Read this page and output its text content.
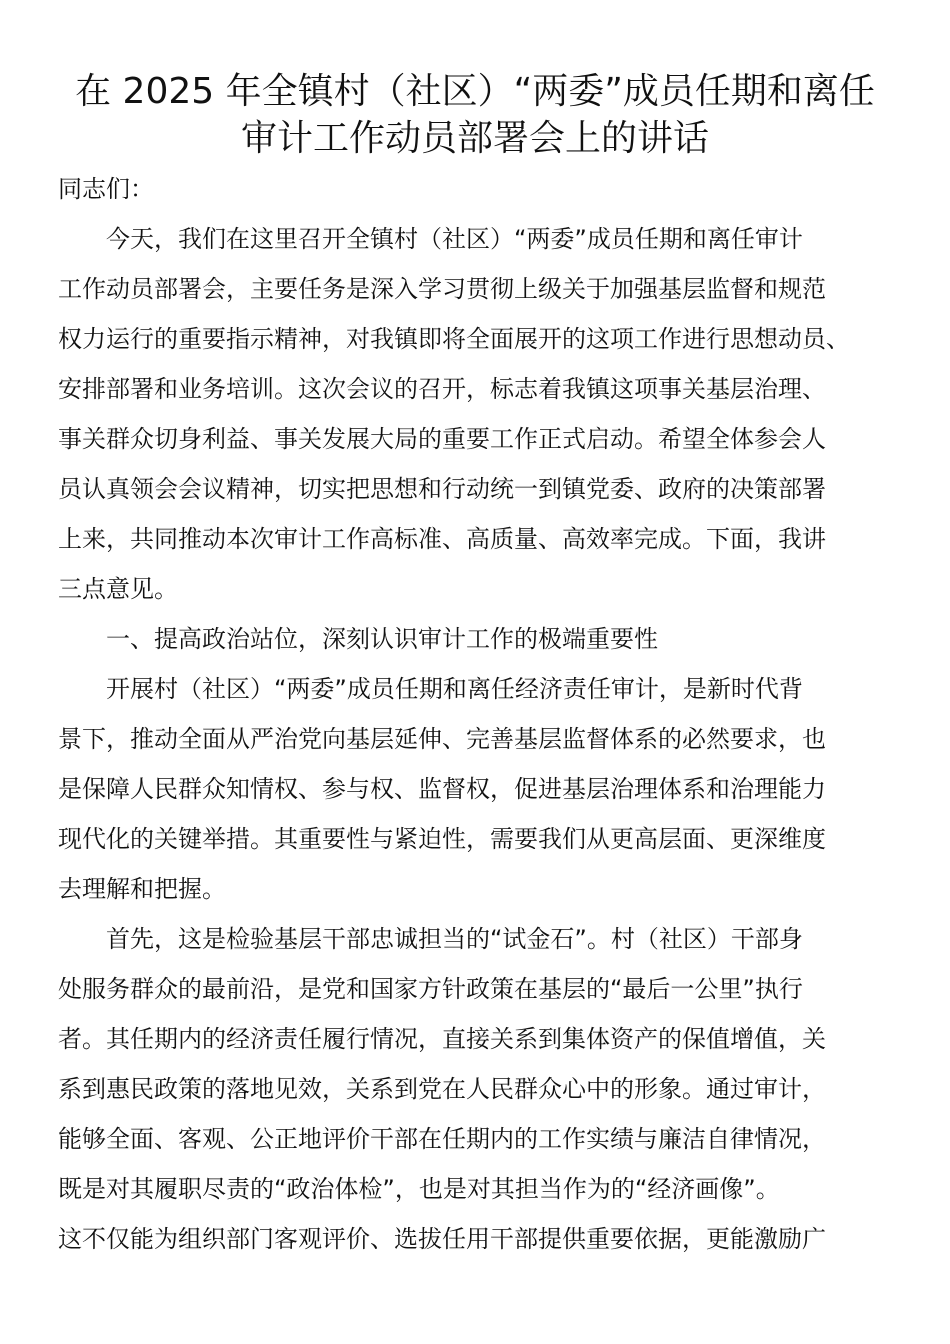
在 2025 年全镇村（社区）“两委”成员任期和离任
审计工作动员部署会上的讲话

同志们：

今天，我们在这里召开全镇村（社区）“两委”成员任期和离任审计

工作动员部署会，主要任务是深入学习贯彻上级关于加强基层监督和规范

权力运行的重要指示精神，对我镇即将全面展开的这项工作进行思想动员、

安排部署和业务培训。这次会议的召开，标志着我镇这项事关基层治理、

事关群众切身利益、事关发展大局的重要工作正式启动。希望全体参会人

员认真领会会议精神，切实把思想和行动统一到镇党委、政府的决策部署

上来，共同推动本次审计工作高标准、高质量、高效率完成。下面，我讲

三点意见。

一、提高政治站位，深刻认识审计工作的极端重要性

开展村（社区）“两委”成员任期和离任经济责任审计，是新时代背

景下，推动全面从严治党向基层延伸、完善基层监督体系的必然要求，也

是保障人民群众知情权、参与权、监督权，促进基层治理体系和治理能力

现代化的关键举措。其重要性与紧迫性，需要我们从更高层面、更深维度

去理解和把握。

首先，这是检验基层干部忠诚担当的“试金石”。村（社区）干部身

处服务群众的最前沿，是党和国家方针政策在基层的“最后一公里”执行

者。其任期内的经济责任履行情况，直接关系到集体资产的保值增值，关

系到惠民政策的落地见效，关系到党在人民群众心中的形象。通过审计，

能够全面、客观、公正地评价干部在任期内的工作实绩与廉洁自律情况，

既是对其履职尽责的“政治体检”，也是对其担当作为的“经济画像”。

这不仅能为组织部门客观评价、选拔任用干部提供重要依据，更能激励广
